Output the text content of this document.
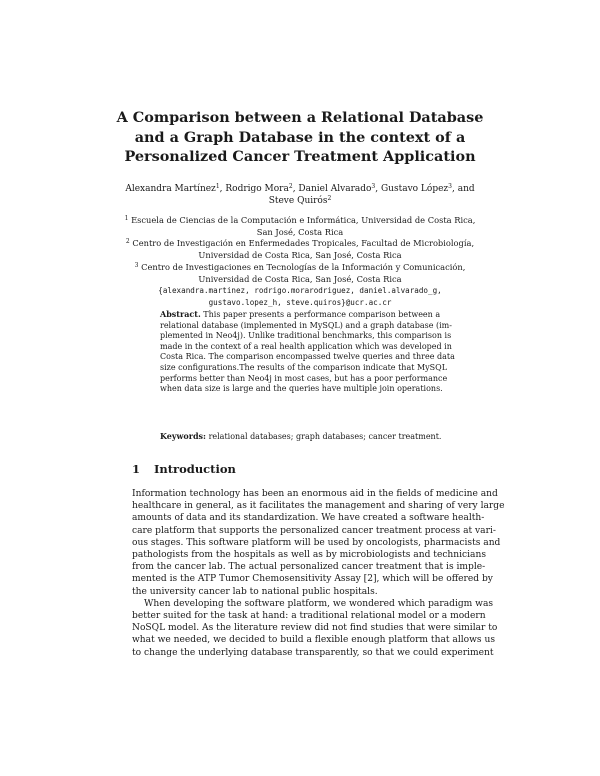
A Comparison between a Relational Database
and a Graph Database in the context of a
Personalized Cancer Treatment Application
Alexandra Martínez$^1$, Rodrigo Mora$^2$, Daniel Alvarado$^3$, Gustavo López$^3$, and
Steve Quirós$^2$
$^1$ Escuela de Ciencias de la Computación e Informática, Universidad de Costa Rica,
San José, Costa Rica
$^2$ Centro de Investigación en Enfermedades Tropicales, Facultad de Microbiología,
Universidad de Costa Rica, San José, Costa Rica
$^3$ Centro de Investigaciones en Tecnologías de la Información y Comunicación,
Universidad de Costa Rica, San José, Costa Rica
{alexandra.martinez, rodrigo.morarodriguez, daniel.alvarado_g,
gustavo.lopez_h, steve.quiros}@ucr.ac.cr
Abstract. This paper presents a performance comparison between a
relational database (implemented in MySQL) and a graph database (im-
plemented in Neo4j). Unlike traditional benchmarks, this comparison is
made in the context of a real health application which was developed in
Costa Rica. The comparison encompassed twelve queries and three data
size configurations.The results of the comparison indicate that MySQL
performs better than Neo4j in most cases, but has a poor performance
when data size is large and the queries have multiple join operations.
Keywords: relational databases; graph databases; cancer treatment.
1 Introduction
Information technology has been an enormous aid in the fields of medicine and
healthcare in general, as it facilitates the management and sharing of very large
amounts of data and its standardization. We have created a software health-
care platform that supports the personalized cancer treatment process at vari-
ous stages. This software platform will be used by oncologists, pharmacists and
pathologists from the hospitals as well as by microbiologists and technicians
from the cancer lab. The actual personalized cancer treatment that is imple-
mented is the ATP Tumor Chemosensitivity Assay [2], which will be offered by
the university cancer lab to national public hospitals.
When developing the software platform, we wondered which paradigm was
better suited for the task at hand: a traditional relational model or a modern
NoSQL model. As the literature review did not find studies that were similar to
what we needed, we decided to build a flexible enough platform that allows us
to change the underlying database transparently, so that we could experiment
